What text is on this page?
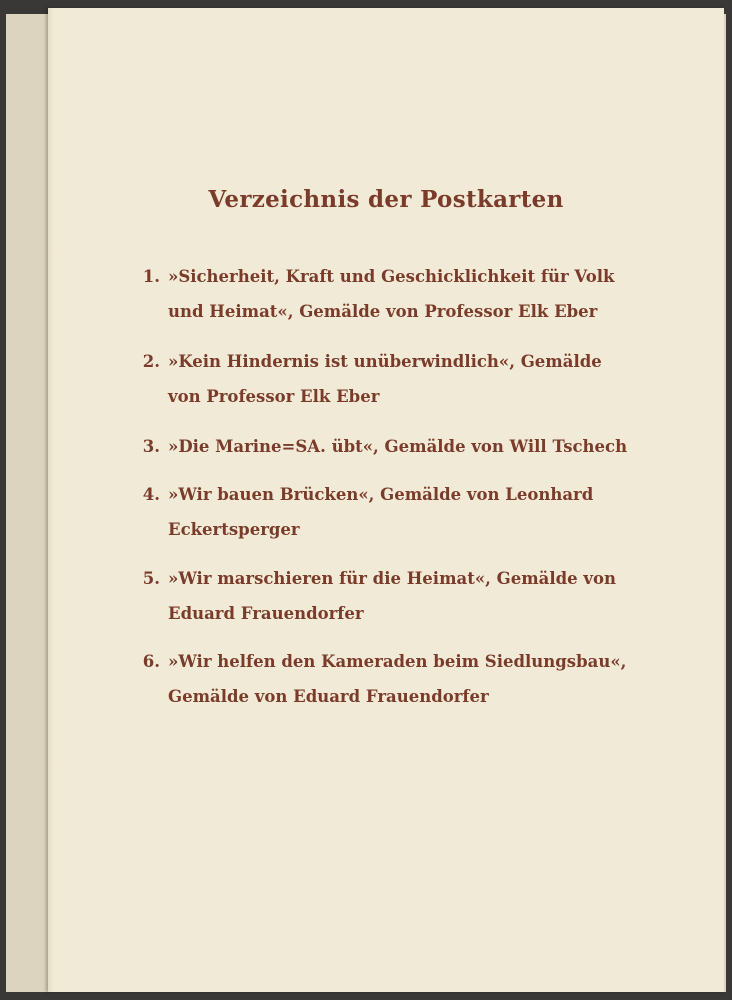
Verzeichnis der Postkarten
1. »Sicherheit, Kraft und Geschicklichkeit für Volk
und Heimat«, Gemälde von Professor Elk Eber
2. »Kein Hindernis ist unüberwindlich«, Gemälde
von Professor Elk Eber
3. »Die Marine=SA. übt«, Gemälde von Will Tschech
4. »Wir bauen Brücken«, Gemälde von Leonhard
Eckertsperger
5. »Wir marschieren für die Heimat«, Gemälde von
Eduard Frauendorfer
6. »Wir helfen den Kameraden beim Siedlungsbau«,
Gemälde von Eduard Frauendorfer
